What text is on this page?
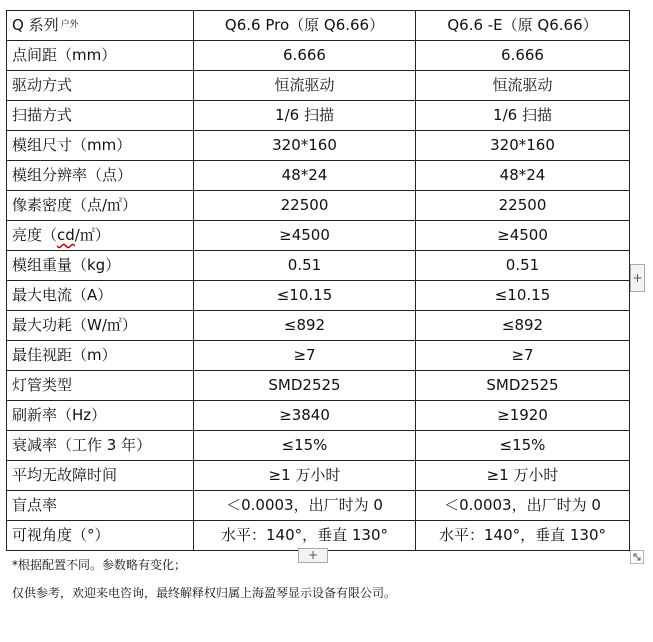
Q 系列 户外	Q6.6 Pro（原 Q6.66）	Q6.6 -E（原 Q6.66）
点间距（mm）	6.666	6.666
驱动方式	恒流驱动	恒流驱动
扫描方式	1/6 扫描	1/6 扫描
模组尺寸（mm）	320*160	320*160
模组分辨率（点）	48*24	48*24
像素密度（点/㎡）	22500	22500
亮度（cd/㎡）	≥4500	≥4500
模组重量（kg）	0.51	0.51
最大电流（A）	≤10.15	≤10.15
最大功耗（W/㎡）	≤892	≤892
最佳视距（m）	≥7	≥7
灯管类型	SMD2525	SMD2525
刷新率（Hz）	≥3840	≥1920
衰减率（工作 3 年）	≤15%	≤15%
平均无故障时间	≥1 万小时	≥1 万小时
盲点率	＜0.0003，出厂时为 0	＜0.0003，出厂时为 0
可视角度（°）	水平：140°，垂直 130°	水平：140°，垂直 130°
+
+
*根据配置不同。参数略有变化；
仅供参考，欢迎来电咨询，最终解释权归属上海盈琴显示设备有限公司。
